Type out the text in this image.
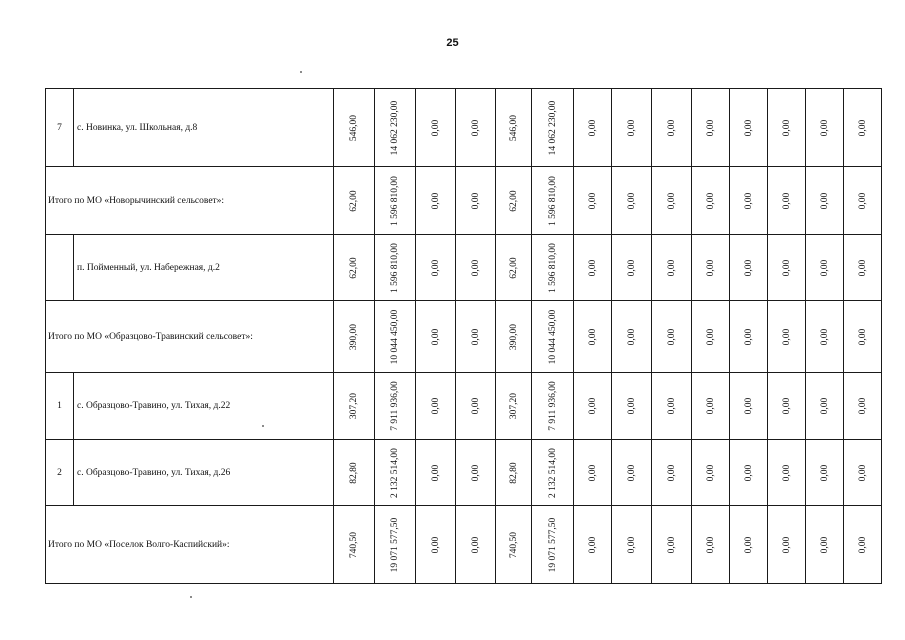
25
7	с. Новинка, ул. Школьная, д.8	546,00	14 062 230,00	0,00	0,00	546,00	14 062 230,00	0,00	0,00	0,00	0,00	0,00	0,00	0,00	0,00

Итого по МО «Новорычинский сельсовет»:		62,00	1 596 810,00	0,00	0,00	62,00	1 596 810,00	0,00	0,00	0,00	0,00	0,00	0,00	0,00	0,00

	п. Пойменный, ул. Набережная, д.2	62,00	1 596 810,00	0,00	0,00	62,00	1 596 810,00	0,00	0,00	0,00	0,00	0,00	0,00	0,00	0,00

Итого по МО «Образцово-Травинский сельсовет»:		390,00	10 044 450,00	0,00	0,00	390,00	10 044 450,00	0,00	0,00	0,00	0,00	0,00	0,00	0,00	0,00

1	с. Образцово-Травино, ул. Тихая, д.22	307,20	7 911 936,00	0,00	0,00	307,20	7 911 936,00	0,00	0,00	0,00	0,00	0,00	0,00	0,00	0,00

2	с. Образцово-Травино, ул. Тихая, д.26	82,80	2 132 514,00	0,00	0,00	82,80	2 132 514,00	0,00	0,00	0,00	0,00	0,00	0,00	0,00	0,00

Итого по МО «Поселок Волго-Каспийский»:		740,50	19 071 577,50	0,00	0,00	740,50	19 071 577,50	0,00	0,00	0,00	0,00	0,00	0,00	0,00	0,00
